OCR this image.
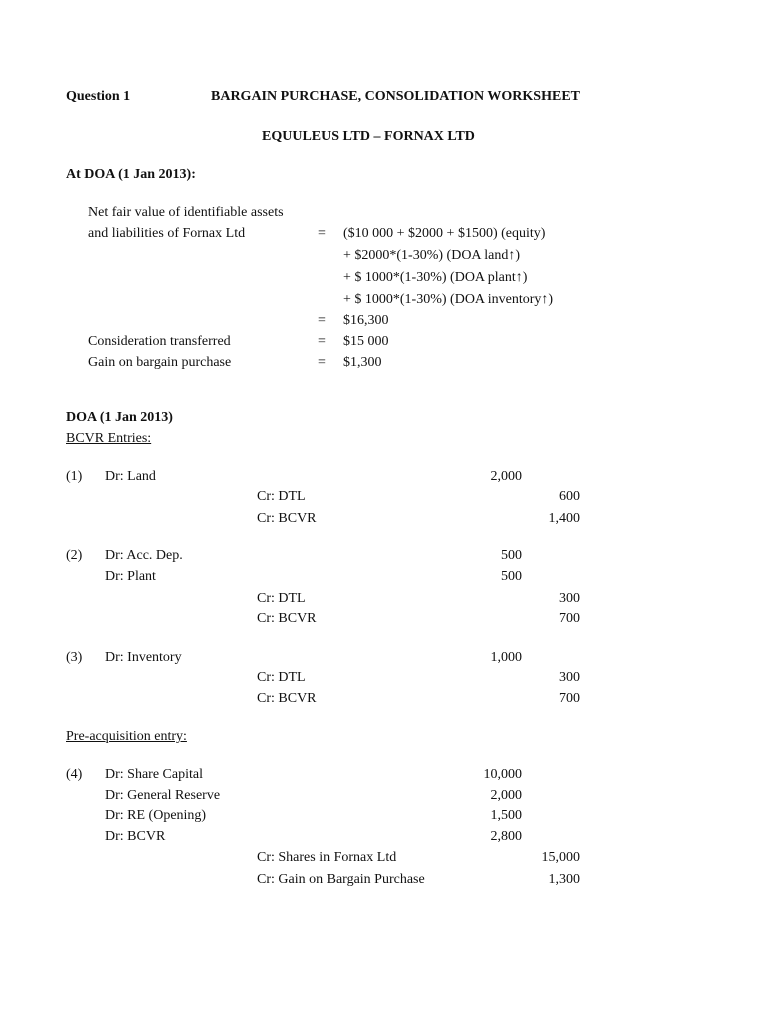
Question 1	BARGAIN PURCHASE, CONSOLIDATION WORKSHEET
EQUULEUS LTD – FORNAX LTD
At DOA (1 Jan 2013):
Net fair value of identifiable assets
and liabilities of Fornax Ltd	= ($10 000 + $2000 + $1500) (equity)
+ $2000*(1-30%) (DOA land↑)
+ $ 1000*(1-30%) (DOA plant↑)
+ $ 1000*(1-30%) (DOA inventory↑)
= $16,300
Consideration transferred	= $15 000
Gain on bargain purchase	= $1,300
DOA (1 Jan 2013)
BCVR Entries:
(1) Dr: Land	2,000
Cr: DTL	600
Cr: BCVR	1,400
(2) Dr: Acc. Dep.	500
Dr: Plant	500
Cr: DTL	300
Cr: BCVR	700
(3) Dr: Inventory	1,000
Cr: DTL	300
Cr: BCVR	700
Pre-acquisition entry:
(4) Dr: Share Capital	10,000
Dr: General Reserve	2,000
Dr: RE (Opening)	1,500
Dr: BCVR	2,800
Cr: Shares in Fornax Ltd	15,000
Cr: Gain on Bargain Purchase	1,300
